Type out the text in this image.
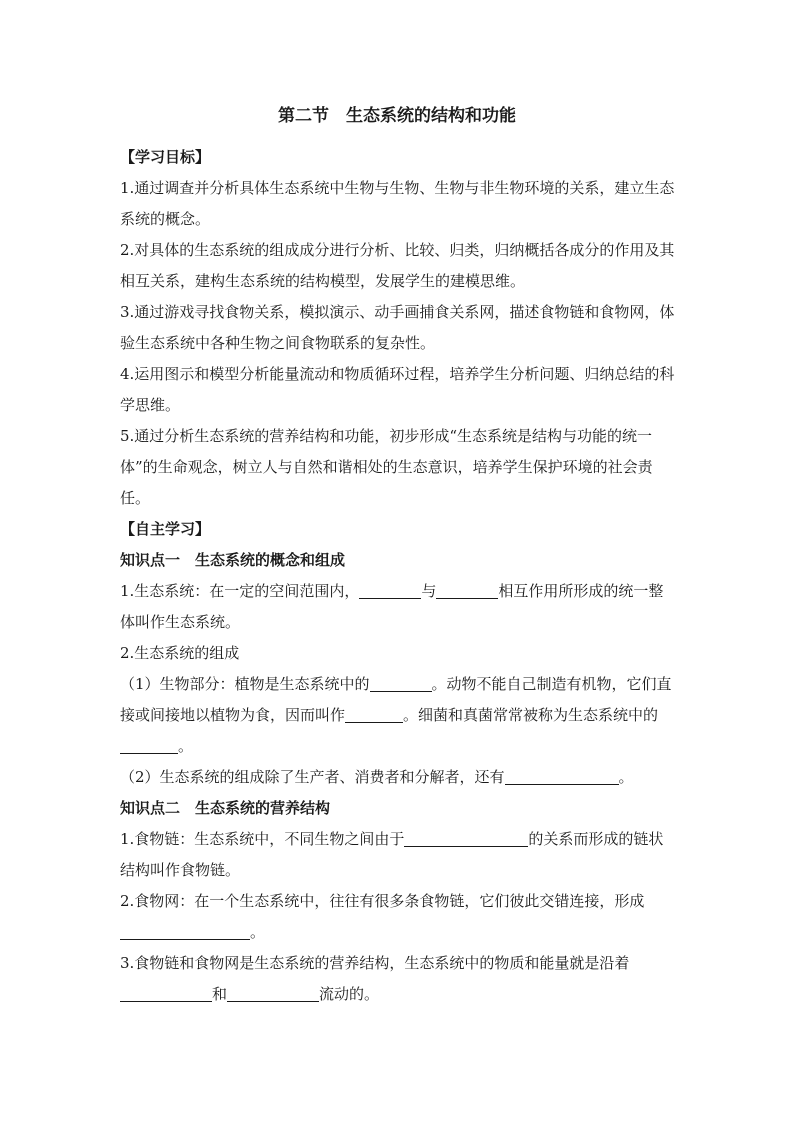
第二节　生态系统的结构和功能

【学习目标】

1.通过调查并分析具体生态系统中生物与生物、生物与非生物环境的关系，建立生态系统的概念。

2.对具体的生态系统的组成成分进行分析、比较、归类，归纳概括各成分的作用及其相互关系，建构生态系统的结构模型，发展学生的建模思维。

3.通过游戏寻找食物关系，模拟演示、动手画捕食关系网，描述食物链和食物网，体验生态系统中各种生物之间食物联系的复杂性。

4.运用图示和模型分析能量流动和物质循环过程，培养学生分析问题、归纳总结的科学思维。

5.通过分析生态系统的营养结构和功能，初步形成“生态系统是结构与功能的统一体”的生命观念，树立人与自然和谐相处的生态意识，培养学生保护环境的社会责任。

【自主学习】

知识点一　生态系统的概念和组成

1.生态系统：在一定的空间范围内，	与	相互作用所形成的统一整体叫作生态系统。

2.生态系统的组成

（1）生物部分：植物是生态系统中的	。动物不能自己制造有机物，它们直接或间接地以植物为食，因而叫作	。细菌和真菌常常被称为生态系统中的。

（2）生态系统的组成除了生产者、消费者和分解者，还有	。

知识点二　生态系统的营养结构

1.食物链：生态系统中，不同生物之间由于	的关系而形成的链状结构叫作食物链。

2.食物网：在一个生态系统中，往往有很多条食物链，它们彼此交错连接，形成。

3.食物链和食物网是生态系统的营养结构，生态系统中的物质和能量就是沿着和	流动的。
